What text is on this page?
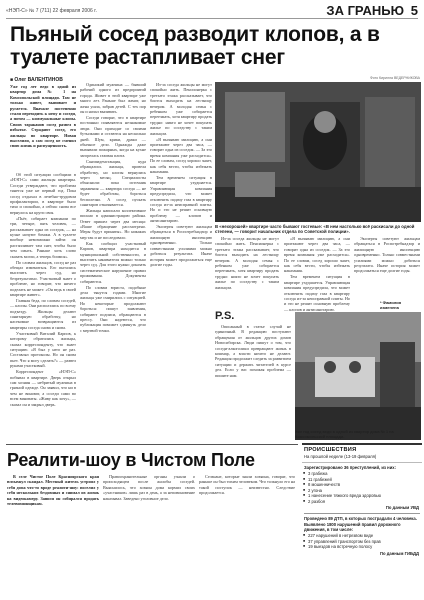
«НЭП-С» № 7 (711) 22 февраля 2006 г.	ЗА ГРАНЬЮ 5
Пьяный сосед разводит клопов, а в туалете растапливает снег
■ Олег ВАЛЕНТИНОВ	Фото Кирилла ВЕДЕРНИКОВА
Уже год лет ведо в одной из квартир дома № 1 на Комсомольской площади. Там не только живет, выпивает и ругается. Вначале постепенно стали переходить к нему и соседи, а потом — коммунальные клопы. Своих тараканов сосед развел в избытке. Страдают сосед, его жильцы по квартире. Новая выселили, а сам сосед не сменил свою жизнь и распущенность.

Об этой ситуации сообщили в «НЭП-С» сами жильцы квартиры. Соседи утверждают, что проблема тянется уже не первый год. Пока сосед отдыхал в лечебно-трудовом профилактории, в квартире было тихо и спокойно, а сейчас снова все вернулось на круги своя.

«Пьёт, собирает компании по три, четыре, пять человек, — рассказывает одна из соседок, — на кухне ночуют бомжи. А в туалете вообще невозможно зайти: он растапливает там снег, чтобы было чем смыть. Раньше хоть слово сказать могли, а теперь боимся».

По словам жильцов, сосед не раз обещал измениться. Его пытались выселить через суд, но безрезультатно. Участковый знает о проблеме, но говорит, что ничего поделать не может: «Он ведь в своей квартире живет».

Главная беда, по словам соседей, — клопы. Они расползлись по всему подъезду. Жильцы делают санитарную обработку, но насекомые возвращаются из квартиры соседа снова и снова.

Участковый Виталий Карпов, к которому обратились жильцы, сказал корреспонденту, что знает ситуацию. «Я был у него не раз. Составлял протоколы. Но он снова пьет. Что я могу сделать?» — развел руками участковый.

Корреспондент «НЭП-С» побывал в квартире. Дверь открыл сам хозяин — небритый мужчина в грязной одежде. Он заявил, что ни в чем не виноват, а соседи сами во всем виноваты. «Живу как хочу», — сказал он и закрыл дверь.

Одинокий мужчина — бывший рабочий одного из предприятий города. Живет в этой квартире уже много лет. Раньше был женат, но жена ушла, забрав детей. С тех пор он и начал выпивать.

Соседи говорят, что в квартире постоянно появляются незнакомые люди. Они приходят со своими бутылками и остаются на несколько дней. Шум, крики, драки — обычное дело. Однажды даже вызывали пожарных, когда на кухне загорелась газовая плита.

Санэпидемстанция, куда обращались жильцы, провела обработку, но клопы вернулись через месяц. Специалисты объяснили: пока источник заражения — квартира соседа — не будет обработан, бороться бесполезно. А сосед пускать санитаров отказывается.

Жильцы написали коллективное письмо в администрацию района. Ответ пришел через два месяца: «Ваше обращение рассмотрено. Меры будут приняты». Но никаких мер так и не последовало.

Как сообщил участковый Карпов, квартира находится в муниципальной собственности, и выселить нанимателя можно только через суд. Для этого нужно доказать систематическое нарушение правил проживания. Документы собираются.

По словам юриста, подобные дела тянутся годами. Многие жильцы уже смирились с ситуацией. Но некоторые продолжают бороться: пишут заявления, собирают подписи, обращаются в прессу. Они надеются, что публикация поможет сдвинуть дело с мертвой точки.

Из-за соседа жильцы не могут спокойно жить. Пенсионерка с третьего этажа рассказывает, что боится выходить на лестницу вечером. А молодая семья с ребенком уже собирается переезжать, хотя квартиру продать трудно: никто не хочет покупать жилье по соседству с таким жильцом.

«Я вызываю милицию, а они приезжают через два часа, — говорит одна из соседок. — За это время компания уже расходится». По ее словам, сосед хорошо знает, как себя вести, чтобы избежать наказания.

Тем временем ситуация в квартире ухудшается. Управляющая компания предупредила, что может отключить подачу газа в квартиру соседа из-за неисправной плиты. Но и это не решит основную проблему — клопов и антисанитарию.

Эксперты советуют жильцам обращаться в Роспотребнадзор и жилищную инспекцию одновременно. Только совместными усилиями можно добиться результата. Иначе история может продолжаться еще долгие годы.

В «нехорошей» квартире часто бывают гостевые: «В нем настолько всё раскисали до одной степени, — говорит начальник отдела по Советской полиции».

Из-за соседа жильцы не могут спокойно жить. Пенсионерка с третьего этажа рассказывает, что боится выходить на лестницу вечером. А молодая семья с ребенком уже собирается переезжать, хотя квартиру продать трудно: никто не хочет покупать жилье по соседству с таким жильцом.

«Я вызываю милицию, а они приезжают через два часа, — говорит одна из соседок. — За это время компания уже расходится». По ее словам, сосед хорошо знает, как себя вести, чтобы избежать наказания.

Тем временем ситуация в квартире ухудшается. Управляющая компания предупредила, что может отключить подачу газа в квартиру соседа из-за неисправной плиты. Но и это не решит основную проблему — клопов и антисанитарию.

Эксперты советуют жильцам обращаться в Роспотребнадзор и жилищную инспекцию одновременно. Только совместными усилиями можно добиться результата. Иначе история может продолжаться еще долгие годы.

* Фамилия изменена
P.S.

Описанный в статье случай не единичный. В редакцию поступают обращения от жильцов других домов Новосибирска. Люди пишут о том, что соседи-алкоголики превращают жизнь в кошмар, а власти ничего не делают. Редакция продолжит следить за развитием ситуации и держать читателей в курсе дел. Если у вас похожая проблема — пишите нам.

Уже год сосед ведо в одной из квартир дома № 1 на Комсомольской площади.
Реалити-шоу в Чистом Поле

В селе Чистое Поле Красноярского края вспыхнул скандал. Местный житель устроил у себя дома что-то вроде реалити-шоу: поселил у себя нескольких бездомных и снимал их жизнь на видеокамеру. Записи он собирался продать телевизионщикам.

Правоохранительные органы узнали о происходящем после жалобы соседей. Выяснилось, что хозяин дома кормил своих «участников» лишь раз в день, а за неповиновение наказывал. Заведено уголовное дело.

Сельчане, которые знали хозяина, говорят, что раньше он был тихим человеком. Что толкнуло его на такой поступок — неизвестно. Следствие продолжается.

ПРОИСШЕСТВИЯ
На прошлой неделе (13-19 февраля)
Зарегистрировано 36 преступлений, из них:
■ 3 грабежа
■ 11 грабежей
■ 8 мошенничеств
■ 2 угона
■ 1 нанесение тяжкого вреда здоровью
■ 2 разбоя
По данным УВД
Проведено 89 ДТП, в которых пострадали 4 человека. Выявлено 1800 нарушений правил дорожного движения, в том числе:
■ 227 нарушений в нетрезвом виде
■ 37 управлений транспортом без прав
■ 19 выездов на встречную полосу
По данным ГИБДД
